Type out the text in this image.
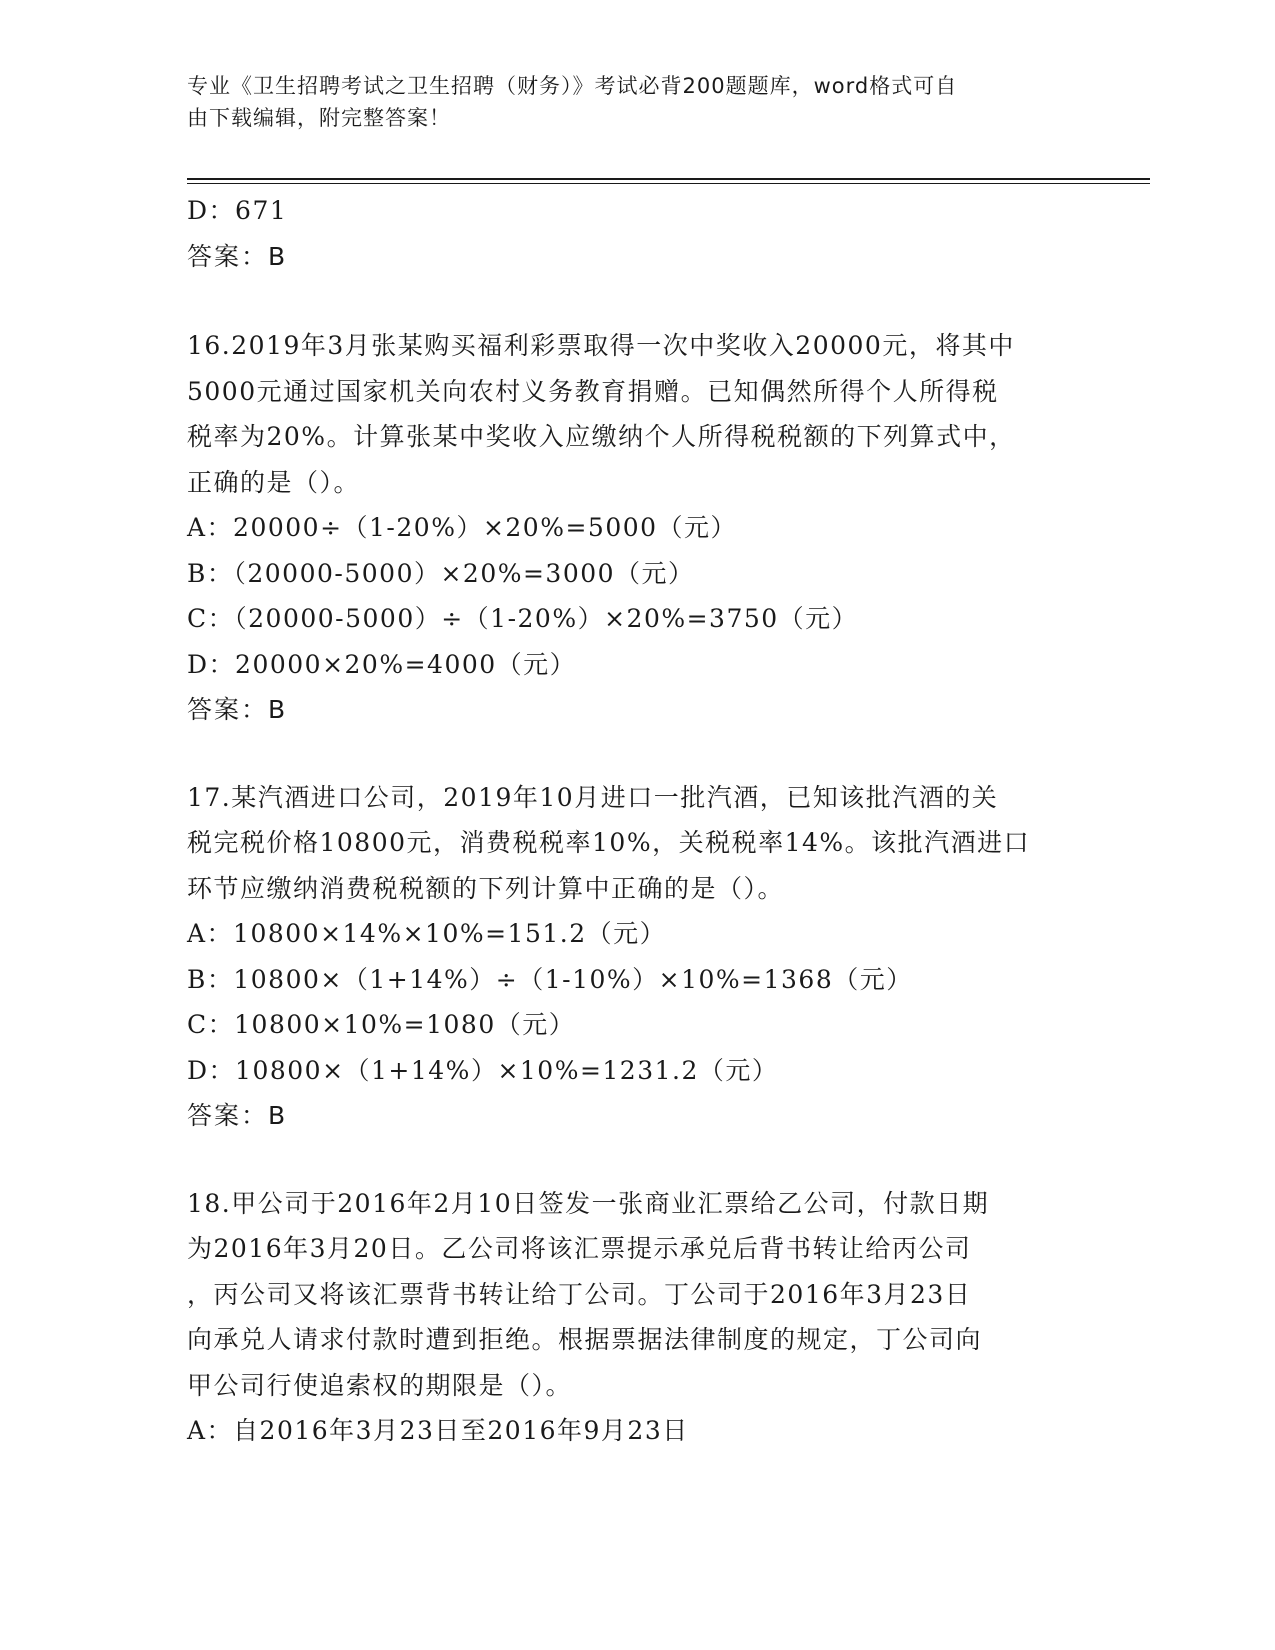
专业《卫生招聘考试之卫生招聘（财务）》考试必背200题题库，word格式可自
由下载编辑，附完整答案！
D：671
答案：B
16.2019年3月张某购买福利彩票取得一次中奖收入20000元，将其中
5000元通过国家机关向农村义务教育捐赠。已知偶然所得个人所得税
税率为20%。计算张某中奖收入应缴纳个人所得税税额的下列算式中，
正确的是（）。
A：20000÷（1-20%）×20%=5000（元）
B：（20000-5000）×20%=3000（元）
C：（20000-5000）÷（1-20%）×20%=3750（元）
D：20000×20%=4000（元）
答案：B
17.某汽酒进口公司，2019年10月进口一批汽酒，已知该批汽酒的关
税完税价格10800元，消费税税率10%，关税税率14%。该批汽酒进口
环节应缴纳消费税税额的下列计算中正确的是（）。
A：10800×14%×10%=151.2（元）
B：10800×（1+14%）÷（1-10%）×10%=1368（元）
C：10800×10%=1080（元）
D：10800×（1+14%）×10%=1231.2（元）
答案：B
18.甲公司于2016年2月10日签发一张商业汇票给乙公司，付款日期
为2016年3月20日。乙公司将该汇票提示承兑后背书转让给丙公司
，丙公司又将该汇票背书转让给丁公司。丁公司于2016年3月23日
向承兑人请求付款时遭到拒绝。根据票据法律制度的规定，丁公司向
甲公司行使追索权的期限是（）。
A：自2016年3月23日至2016年9月23日
